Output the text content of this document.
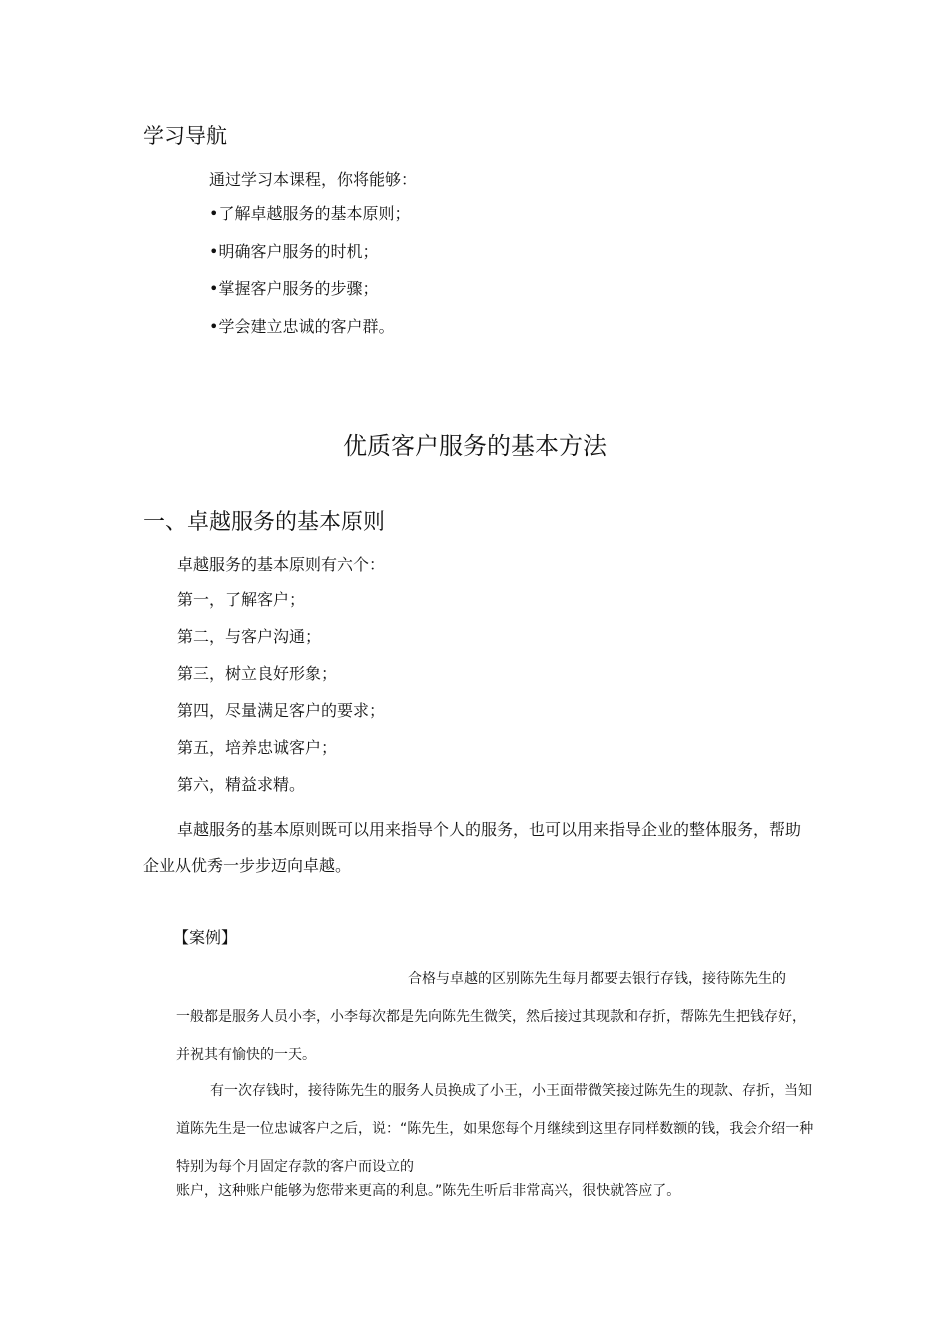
学习导航
通过学习本课程，你将能够：
•了解卓越服务的基本原则；
•明确客户服务的时机；
•掌握客户服务的步骤；
•学会建立忠诚的客户群。
优质客户服务的基本方法
一、卓越服务的基本原则
卓越服务的基本原则有六个：
第一，了解客户；
第二，与客户沟通；
第三，树立良好形象；
第四，尽量满足客户的要求；
第五，培养忠诚客户；
第六，精益求精。
卓越服务的基本原则既可以用来指导个人的服务，也可以用来指导企业的整体服务，帮助企业从优秀一步步迈向卓越。
【案例】

合格与卓越的区别陈先生每月都要去银行存钱，接待陈先生的

一般都是服务人员小李，小李每次都是先向陈先生微笑，然后接过其现款和存折，帮陈先生把钱存好，并祝其有愉快的一天。

有一次存钱时，接待陈先生的服务人员换成了小王，小王面带微笑接过陈先生的现款、存折，当知道陈先生是一位忠诚客户之后，说：“陈先生，如果您每个月继续到这里存同样数额的钱，我会介绍一种特别为每个月固定存款的客户而设立的
账户，这种账户能够为您带来更高的利息。”陈先生听后非常高兴，很快就答应了。
